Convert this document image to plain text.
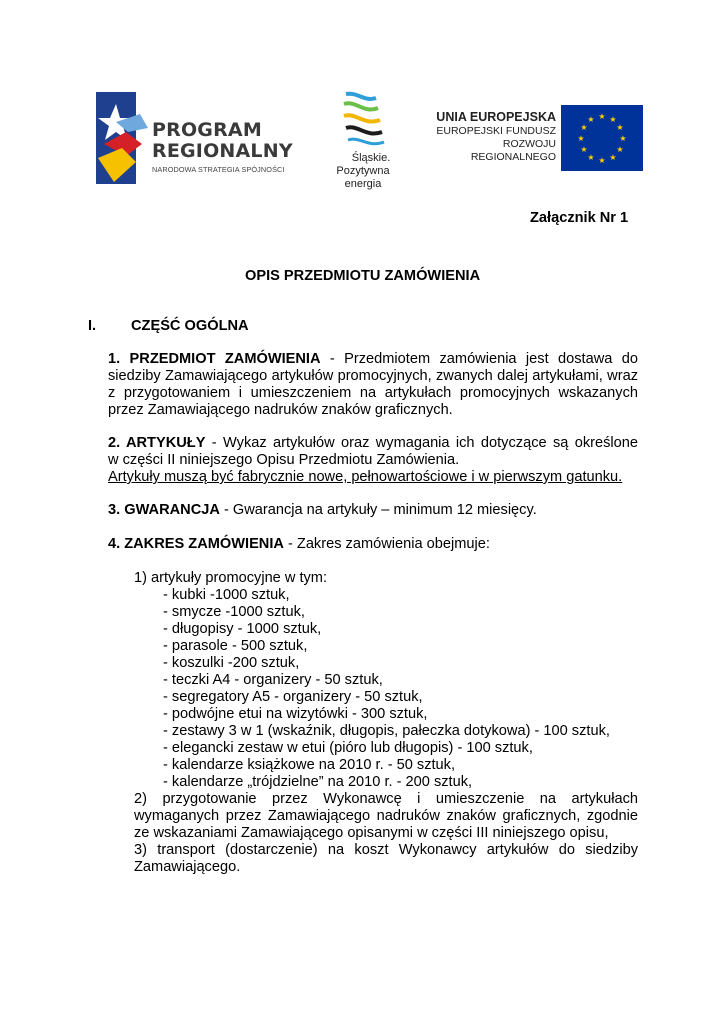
PROGRAM
REGIONALNY
NARODOWA STRATEGIA SPÓJNOŚCI
Śląskie.
Pozytywna energia
UNIA EUROPEJSKA
EUROPEJSKI FUNDUSZ
ROZWOJU REGIONALNEGO
★ ★
★
★
★
★
★
★
★
★
★
★
Załącznik Nr 1
OPIS PRZEDMIOTU ZAMÓWIENIA
I. CZĘŚĆ OGÓLNA
1. PRZEDMIOT ZAMÓWIENIA - Przedmiotem zamówienia jest dostawa do
siedziby Zamawiającego artykułów promocyjnych, zwanych dalej artykułami, wraz
z przygotowaniem i umieszczeniem na artykułach promocyjnych wskazanych
przez Zamawiającego nadruków znaków graficznych.
2. ARTYKUŁY - Wykaz artykułów oraz wymagania ich dotyczące są określone
w części II niniejszego Opisu Przedmiotu Zamówienia.
Artykuły muszą być fabrycznie nowe, pełnowartościowe i w pierwszym gatunku.
3. GWARANCJA - Gwarancja na artykuły – minimum 12 miesięcy.
4. ZAKRES ZAMÓWIENIA - Zakres zamówienia obejmuje:
1) artykuły promocyjne w tym:
- kubki -1000 sztuk,
- smycze -1000 sztuk,
- długopisy - 1000 sztuk,
- parasole - 500 sztuk,
- koszulki -200 sztuk,
- teczki A4 - organizery - 50 sztuk,
- segregatory A5 - organizery - 50 sztuk,
- podwójne etui na wizytówki - 300 sztuk,
- zestawy 3 w 1 (wskaźnik, długopis, pałeczka dotykowa) - 100 sztuk,
- elegancki zestaw w etui (pióro lub długopis) - 100 sztuk,
- kalendarze książkowe na 2010 r. - 50 sztuk,
- kalendarze „trójdzielne” na 2010 r. - 200 sztuk,
2) przygotowanie przez Wykonawcę i umieszczenie na artykułach
wymaganych przez Zamawiającego nadruków znaków graficznych, zgodnie
ze wskazaniami Zamawiającego opisanymi w części III niniejszego opisu,
3) transport (dostarczenie) na koszt Wykonawcy artykułów do siedziby
Zamawiającego.
